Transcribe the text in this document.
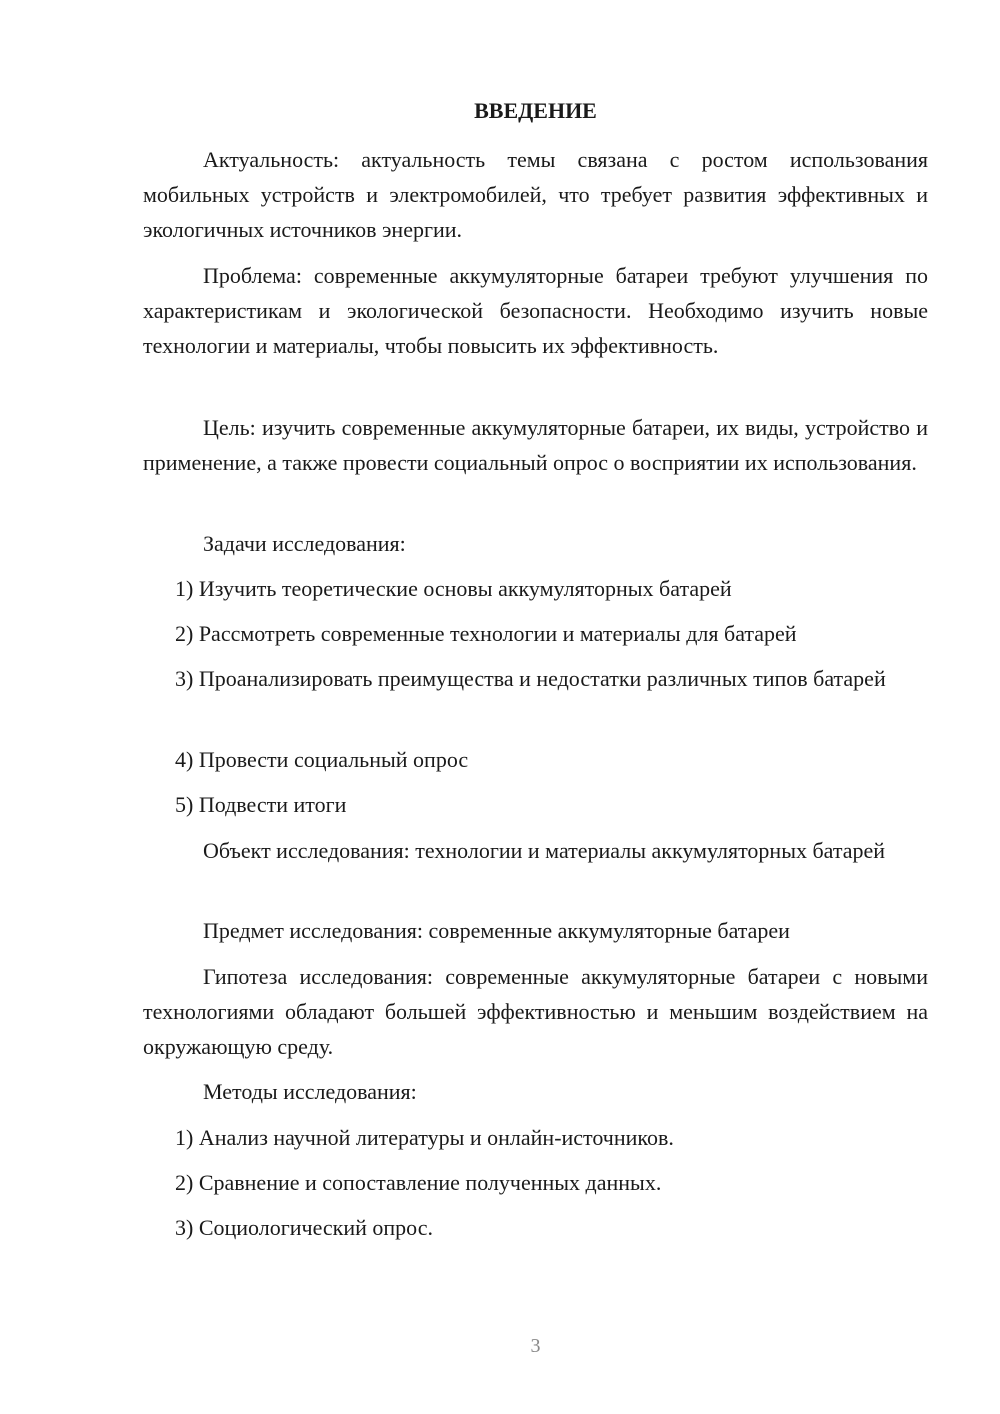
ВВЕДЕНИЕ

Актуальность: актуальность темы связана с ростом использования мобильных устройств и электромобилей, что требует развития эффективных и экологичных источников энергии.

Проблема: современные аккумуляторные батареи требуют улучшения по характеристикам и экологической безопасности. Необходимо изучить новые технологии и материалы, чтобы повысить их эффективность.

Цель: изучить современные аккумуляторные батареи, их виды, устройство и применение, а также провести социальный опрос о восприятии их использования.

Задачи исследования:

1) Изучить теоретические основы аккумуляторных батарей

2) Рассмотреть современные технологии и материалы для батарей

3) Проанализировать преимущества и недостатки различных типов батарей

4) Провести социальный опрос

5) Подвести итоги

Объект исследования: технологии и материалы аккумуляторных батарей

Предмет исследования: современные аккумуляторные батареи

Гипотеза исследования: современные аккумуляторные батареи с новыми технологиями обладают большей эффективностью и меньшим воздействием на окружающую среду.

Методы исследования:

1) Анализ научной литературы и онлайн-источников.

2) Сравнение и сопоставление полученных данных.

3) Социологический опрос.

3
